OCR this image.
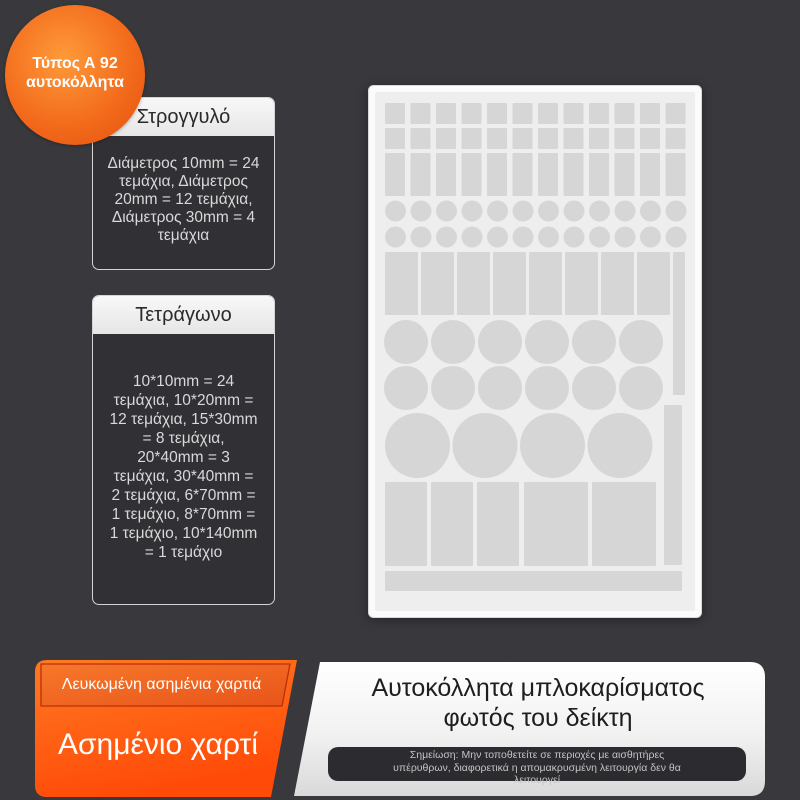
Τύπος Α 92
αυτοκόλλητα
Στρογγυλό
Διάμετρος 10mm = 24
τεμάχια, Διάμετρος
20mm = 12 τεμάχια,
Διάμετρος 30mm = 4
τεμάχια
Τετράγωνο
10*10mm = 24
τεμάχια, 10*20mm =
12 τεμάχια, 15*30mm
= 8 τεμάχια,
20*40mm = 3
τεμάχια, 30*40mm =
2 τεμάχια, 6*70mm =
1 τεμάχιο, 8*70mm =
1 τεμάχιο, 10*140mm
= 1 τεμάχιο
Λευκωμένη ασημένια χαρτιά
Ασημένιο χαρτί
Αυτοκόλλητα μπλοκαρίσματος
φωτός του δείκτη
Σημείωση: Μην τοποθετείτε σε περιοχές με αισθητήρες
υπέρυθρων, διαφορετικά η απομακρυσμένη λειτουργία δεν θα
λειτουργεί
